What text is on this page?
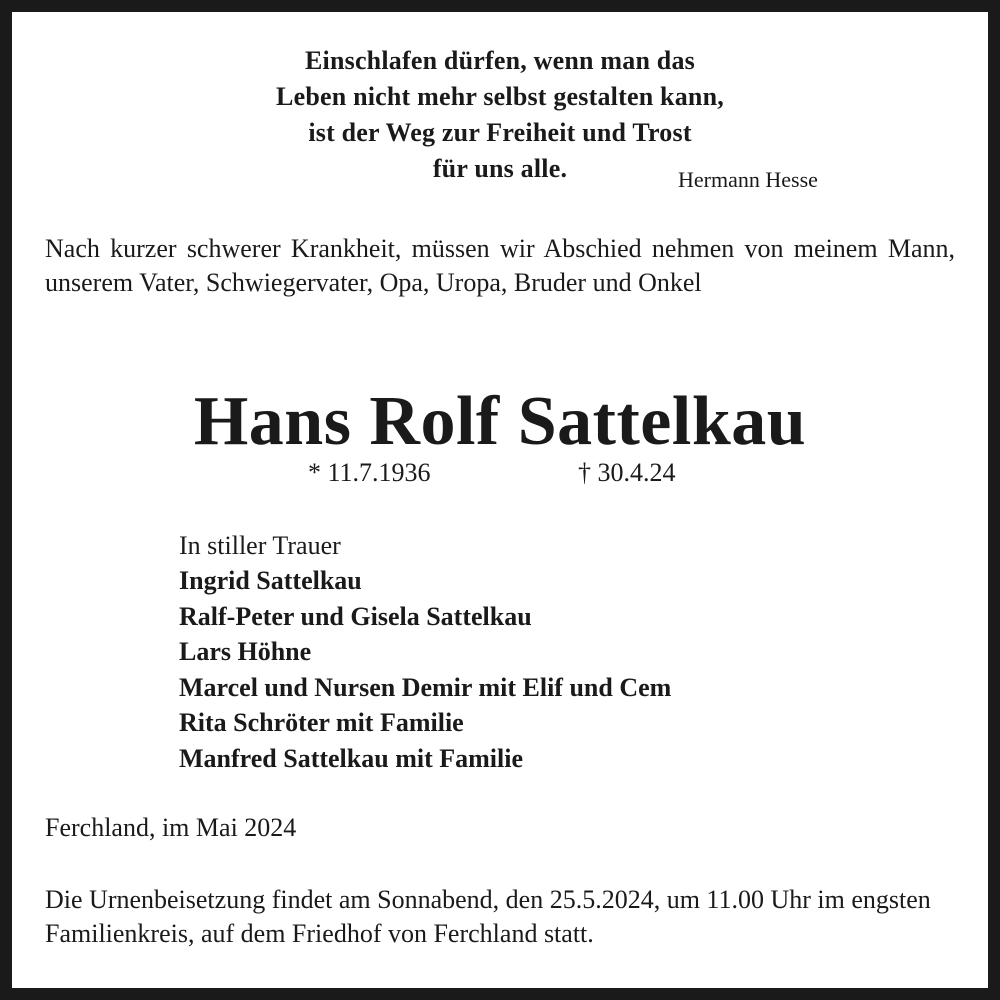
Einschlafen dürfen, wenn man das
Leben nicht mehr selbst gestalten kann,
ist der Weg zur Freiheit und Trost
für uns alle.	Hermann Hesse
Nach kurzer schwerer Krankheit, müssen wir Abschied nehmen von meinem Mann, unserem Vater, Schwiegervater, Opa, Uropa, Bruder und Onkel
Hans Rolf Sattelkau
* 11.7.1936	† 30.4.24
In stiller Trauer
Ingrid Sattelkau
Ralf-Peter und Gisela Sattelkau
Lars Höhne
Marcel und Nursen Demir mit Elif und Cem
Rita Schröter mit Familie
Manfred Sattelkau mit Familie
Ferchland, im Mai 2024
Die Urnenbeisetzung findet am Sonnabend, den 25.5.2024, um 11.00 Uhr im engsten Familienkreis, auf dem Friedhof von Ferchland statt.
